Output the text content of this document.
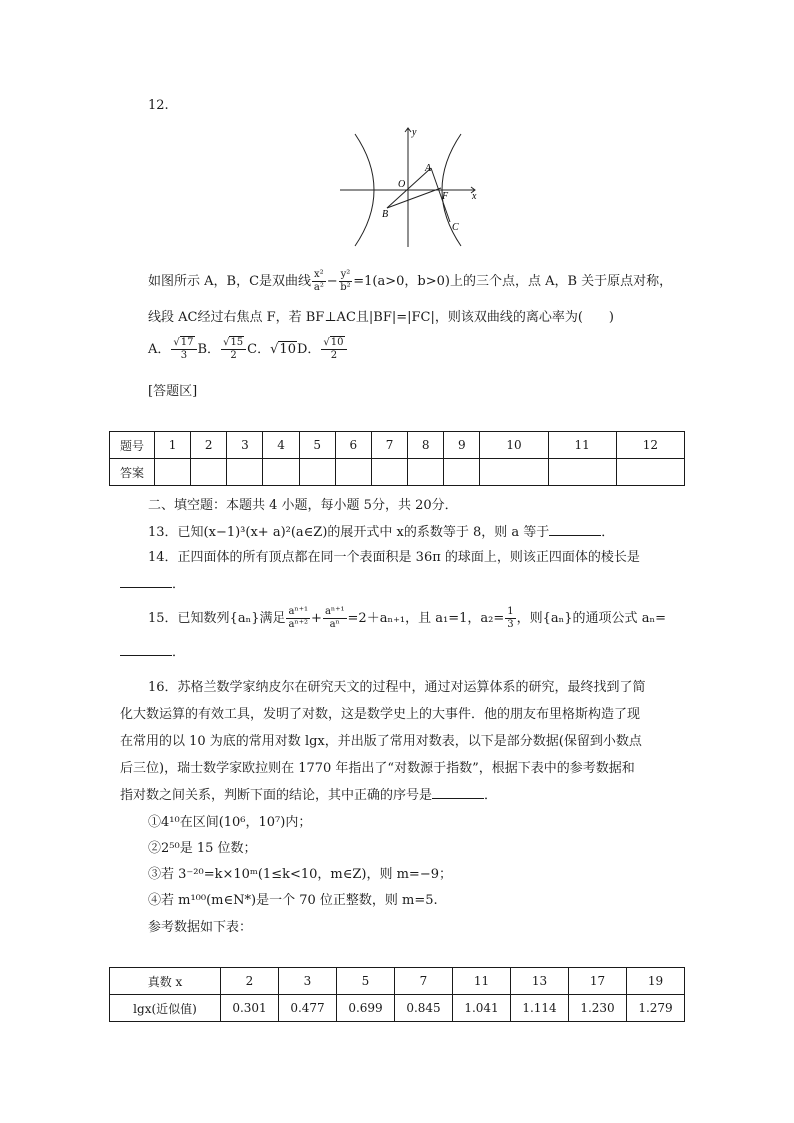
12.
y
x
O
A
B
C
F
如图所示 A，B，C是双曲线 $\frac{\text{x²}}{\text{a²}} - \frac{\text{y²}}{\text{b²}} =1(a>0$，b>0)上的三个点，点 A，B 关于原点对称，
线段 AC经过右焦点 F，若 BF⊥AC且|BF|=|FC|，则该双曲线的离心率为(　　)
A． $\frac{√17}{3}$ B． $\frac{√15}{2}$ C．√10D． $\frac{√10}{2}$
[答题区]
题号	1	2	3	4	5	6	7	8	9	10	11	12
答案												
二、填空题：本题共 4 小题，每小题 5分，共 20分．
13．已知(x−1)³(x+ a)²(a∈Z)的展开式中 x的系数等于 8，则 a 等于	．
14．正四面体的所有顶点都在同一个表面积是 36π 的球面上，则该正四面体的棱长是
．
15．已知数列{aₙ}满足 $\frac{\text{aⁿ⁺¹}}{\text{aⁿ⁺²}} + \frac{\text{aⁿ⁺¹}}{\text{aⁿ}} =2+a_{n+1}$，且 a₁=1，$a_2= \frac{1}{3}$ ，则{aₙ}的通项公式 aₙ=
．
16．苏格兰数学家纳皮尔在研究天文的过程中，通过对运算体系的研究，最终找到了简
化大数运算的有效工具，发明了对数，这是数学史上的大事件．他的朋友布里格斯构造了现
在常用的以 10 为底的常用对数 lgx，并出版了常用对数表，以下是部分数据(保留到小数点
后三位)，瑞士数学家欧拉则在 1770 年指出了“对数源于指数”，根据下表中的参考数据和
指对数之间关系，判断下面的结论，其中正确的序号是	．
①4¹⁰在区间(10⁶，10⁷)内；
②2⁵⁰是 15 位数；
③若 3⁻²⁰=k×10ᵐ(1≤k<10，m∈Z)，则 m=−9；
④若 m¹⁰⁰(m∈N*)是一个 70 位正整数，则 m=5.
参考数据如下表：
真数 x	2	3	5	7	11	13	17	19
lgx(近似值)	0.301	0.477	0.699	0.845	1.041	1.114	1.230	1.279
